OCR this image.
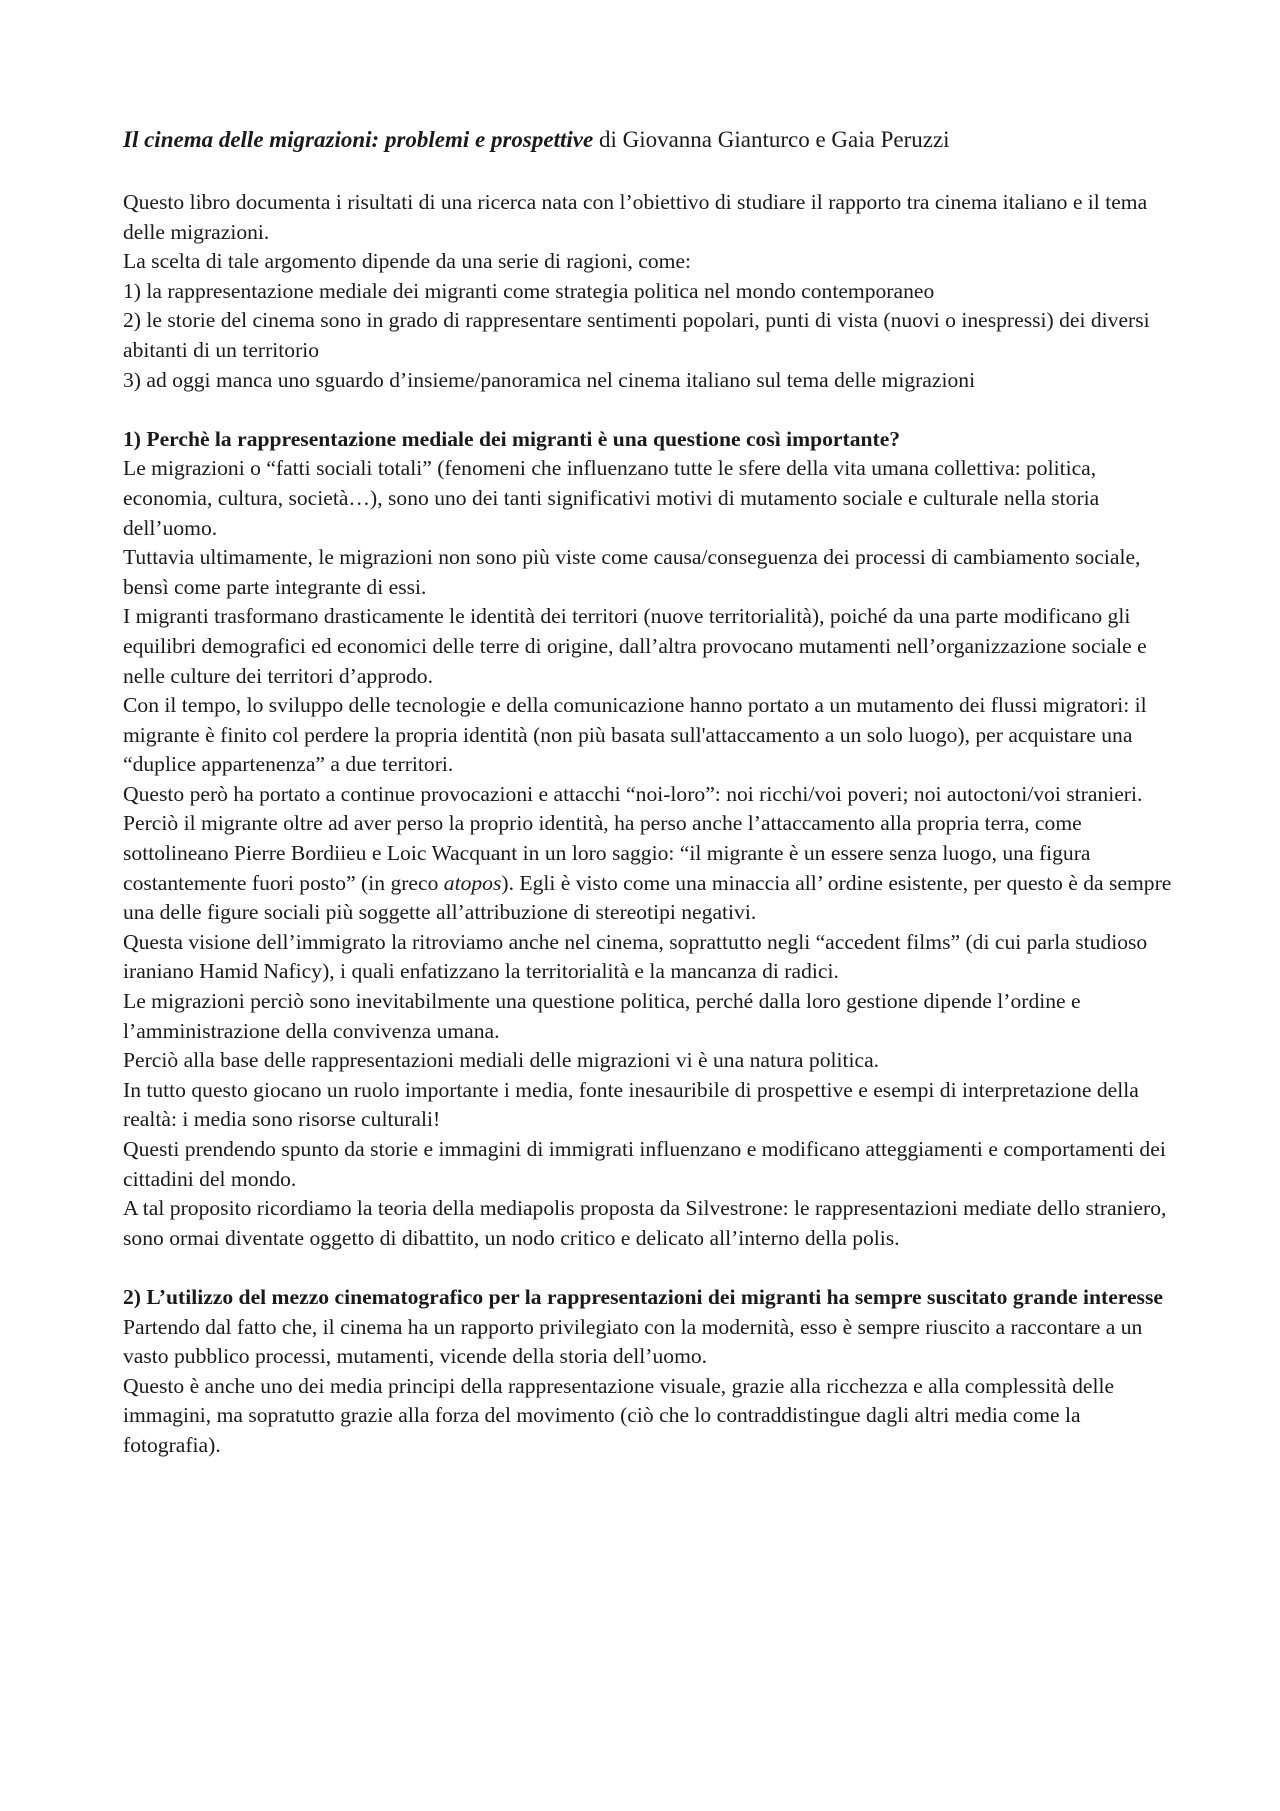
Il cinema delle migrazioni: problemi e prospettive di Giovanna Gianturco e Gaia Peruzzi

Questo libro documenta i risultati di una ricerca nata con l’obiettivo di studiare il rapporto tra cinema italiano e il tema delle migrazioni.

La scelta di tale argomento dipende da una serie di ragioni, come:

1) la rappresentazione mediale dei migranti come strategia politica nel mondo contemporaneo

2) le storie del cinema sono in grado di rappresentare sentimenti popolari, punti di vista (nuovi o inespressi) dei diversi abitanti di un territorio

3) ad oggi manca uno sguardo d’insieme/panoramica nel cinema italiano sul tema delle migrazioni

1) Perchè la rappresentazione mediale dei migranti è una questione così importante?

Le migrazioni o “fatti sociali totali” (fenomeni che influenzano tutte le sfere della vita umana collettiva: politica, economia, cultura, società…), sono uno dei tanti significativi motivi di mutamento sociale e culturale nella storia dell’uomo.

Tuttavia ultimamente, le migrazioni non sono più viste come causa/conseguenza dei processi di cambiamento sociale, bensì come parte integrante di essi.

I migranti trasformano drasticamente le identità dei territori (nuove territorialità), poiché da una parte modificano gli equilibri demografici ed economici delle terre di origine, dall’altra provocano mutamenti nell’organizzazione sociale e nelle culture dei territori d’approdo.

Con il tempo, lo sviluppo delle tecnologie e della comunicazione hanno portato a un mutamento dei flussi migratori: il migrante è finito col perdere la propria identità (non più basata sull'attaccamento a un solo luogo), per acquistare una “duplice appartenenza” a due territori.

Questo però ha portato a continue provocazioni e attacchi “noi-loro”: noi ricchi/voi poveri; noi autoctoni/voi stranieri.

Perciò il migrante oltre ad aver perso la proprio identità, ha perso anche l’attaccamento alla propria terra, come sottolineano Pierre Bordiieu e Loic Wacquant in un loro saggio: “il migrante è un essere senza luogo, una figura costantemente fuori posto” (in greco atopos). Egli è visto come una minaccia all’ ordine esistente, per questo è da sempre una delle figure sociali più soggette all’attribuzione di stereotipi negativi.

Questa visione dell’immigrato la ritroviamo anche nel cinema, soprattutto negli “accedent films” (di cui parla studioso iraniano Hamid Naficy), i quali enfatizzano la territorialità e la mancanza di radici.

Le migrazioni perciò sono inevitabilmente una questione politica, perché dalla loro gestione dipende l’ordine e l’amministrazione della convivenza umana.

Perciò alla base delle rappresentazioni mediali delle migrazioni vi è una natura politica.

In tutto questo giocano un ruolo importante i media, fonte inesauribile di prospettive e esempi di interpretazione della realtà: i media sono risorse culturali!

Questi prendendo spunto da storie e immagini di immigrati influenzano e modificano atteggiamenti e comportamenti dei cittadini del mondo.

A tal proposito ricordiamo la teoria della mediapolis proposta da Silvestrone: le rappresentazioni mediate dello straniero, sono ormai diventate oggetto di dibattito, un nodo critico e delicato all’interno della polis.

2) L’utilizzo del mezzo cinematografico per la rappresentazioni dei migranti ha sempre suscitato grande interesse

Partendo dal fatto che, il cinema ha un rapporto privilegiato con la modernità, esso è sempre riuscito a raccontare a un vasto pubblico processi, mutamenti, vicende della storia dell’uomo.

Questo è anche uno dei media principi della rappresentazione visuale, grazie alla ricchezza e alla complessità delle immagini, ma sopratutto grazie alla forza del movimento (ciò che lo contraddistingue dagli altri media come la fotografia).
